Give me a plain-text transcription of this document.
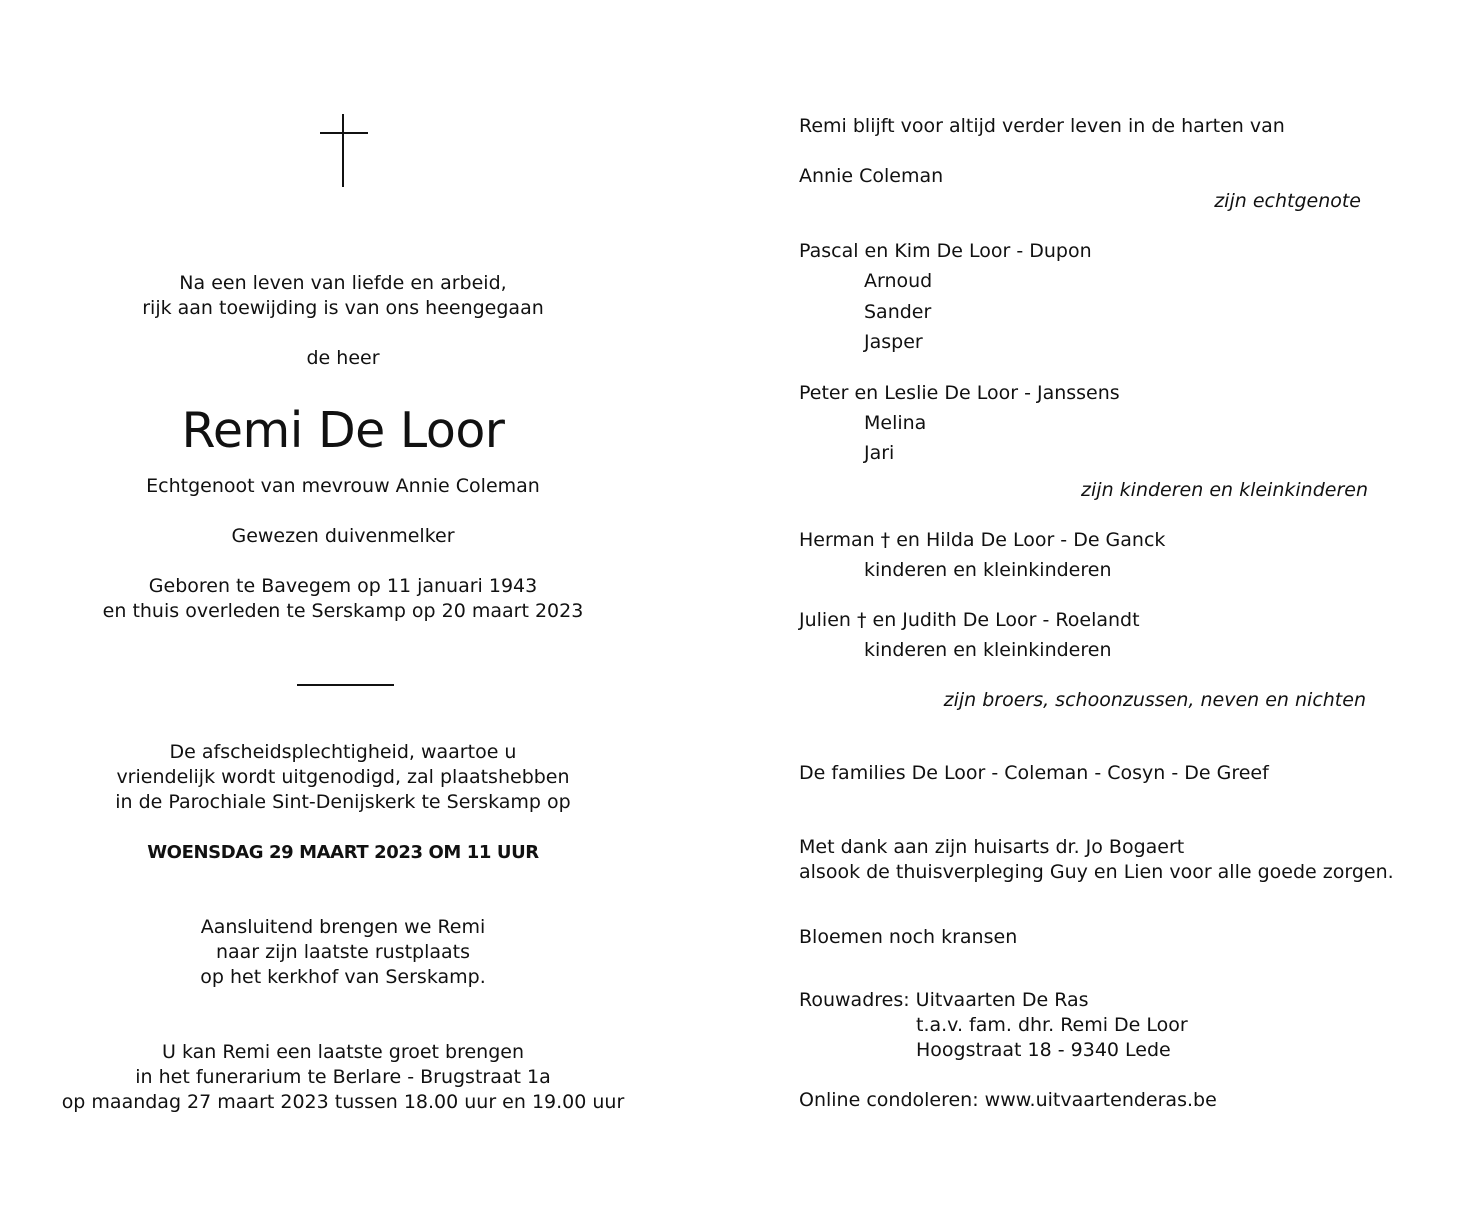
Na een leven van liefde en arbeid,
rijk aan toewijding is van ons heengegaan
de heer
Remi De Loor
Echtgenoot van mevrouw Annie Coleman
Gewezen duivenmelker
Geboren te Bavegem op 11 januari 1943
en thuis overleden te Serskamp op 20 maart 2023
De afscheidsplechtigheid, waartoe u
vriendelijk wordt uitgenodigd, zal plaatshebben
in de Parochiale Sint-Denijskerk te Serskamp op
WOENSDAG 29 MAART 2023 OM 11 UUR
Aansluitend brengen we Remi
naar zijn laatste rustplaats
op het kerkhof van Serskamp.
U kan Remi een laatste groet brengen
in het funerarium te Berlare - Brugstraat 1a
op maandag 27 maart 2023 tussen 18.00 uur en 19.00 uur
Remi blijft voor altijd verder leven in de harten van
Annie Coleman
zijn echtgenote
Pascal en Kim De Loor - Dupon
Arnoud
Sander
Jasper
Peter en Leslie De Loor - Janssens
Melina
Jari
zijn kinderen en kleinkinderen
Herman † en Hilda De Loor - De Ganck
kinderen en kleinkinderen
Julien † en Judith De Loor - Roelandt
kinderen en kleinkinderen
zijn broers, schoonzussen, neven en nichten
De families De Loor - Coleman - Cosyn - De Greef
Met dank aan zijn huisarts dr. Jo Bogaert
alsook de thuisverpleging Guy en Lien voor alle goede zorgen.
Bloemen noch kransen
Rouwadres: Uitvaarten De Ras
t.a.v. fam. dhr. Remi De Loor
Hoogstraat 18 - 9340 Lede
Online condoleren: www.uitvaartenderas.be
